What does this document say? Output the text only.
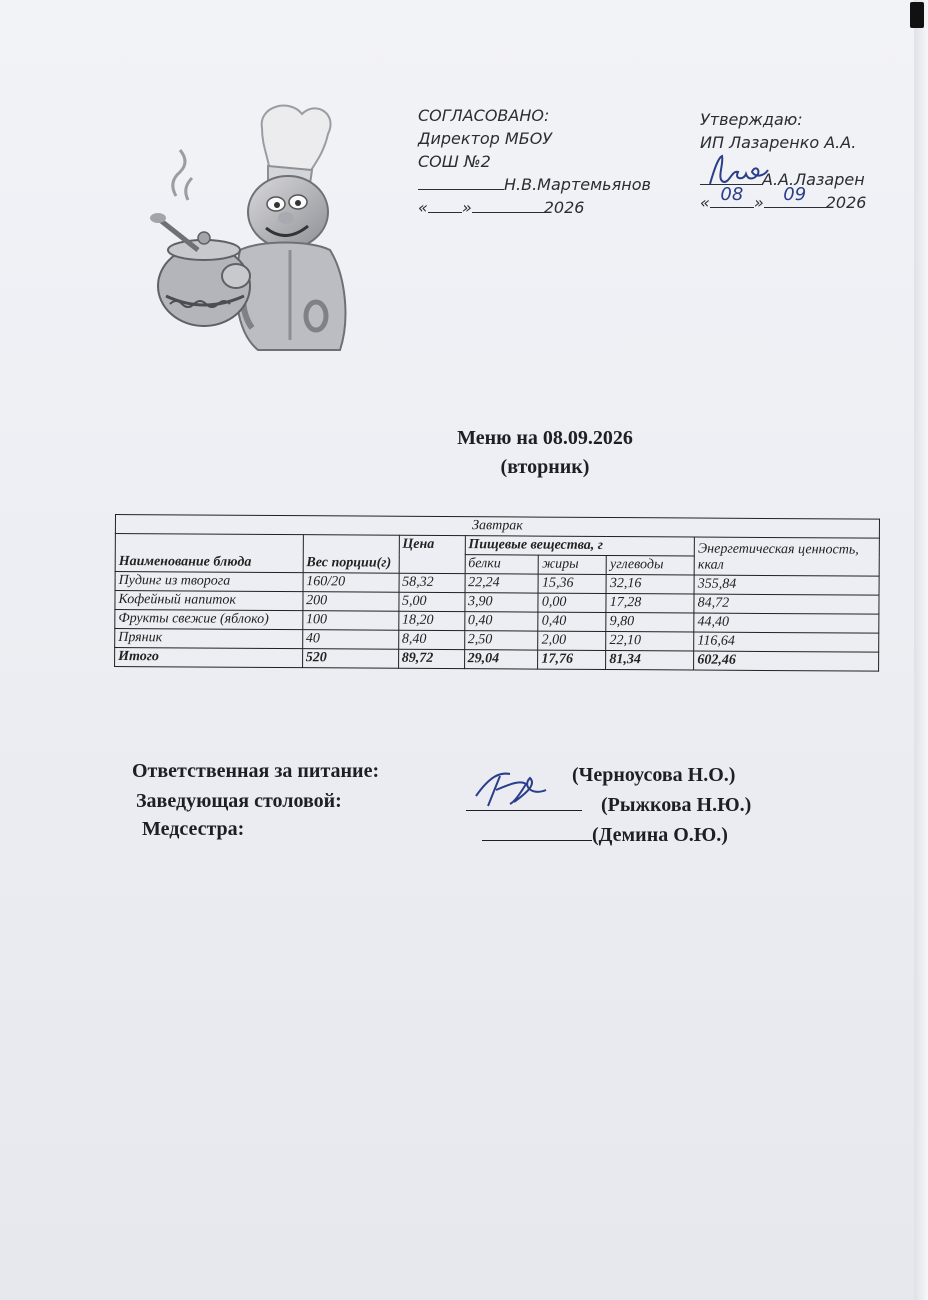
СОГЛАСОВАНО:
Директор МБОУ
СОШ №2
Н.В.Мартемьянов
« »	2026
Утверждаю:
ИП Лазаренко А.А.
А.А.Лазарен
« 08 » 09 2026
Меню на 08.09.2026
(вторник)
Завтрак						
Наименование блюда	Вес порции(г)	Цена	Пищевые вещества, г			Энергетическая ценность, ккал
			белки	жиры	углеводы	
Пудинг из творога	160/20	58,32	22,24	15,36	32,16	355,84
Кофейный напиток	200	5,00	3,90	0,00	17,28	84,72
Фрукты свежие (яблоко)	100	18,20	0,40	0,40	9,80	44,40
Пряник	40	8,40	2,50	2,00	22,10	116,64
Итого	520	89,72	29,04	17,76	81,34	602,46
Ответственная за питание:	(Черноусова Н.О.)
Заведующая столовой:	(Рыжкова Н.Ю.)
Медсестра:	(Демина О.Ю.)
